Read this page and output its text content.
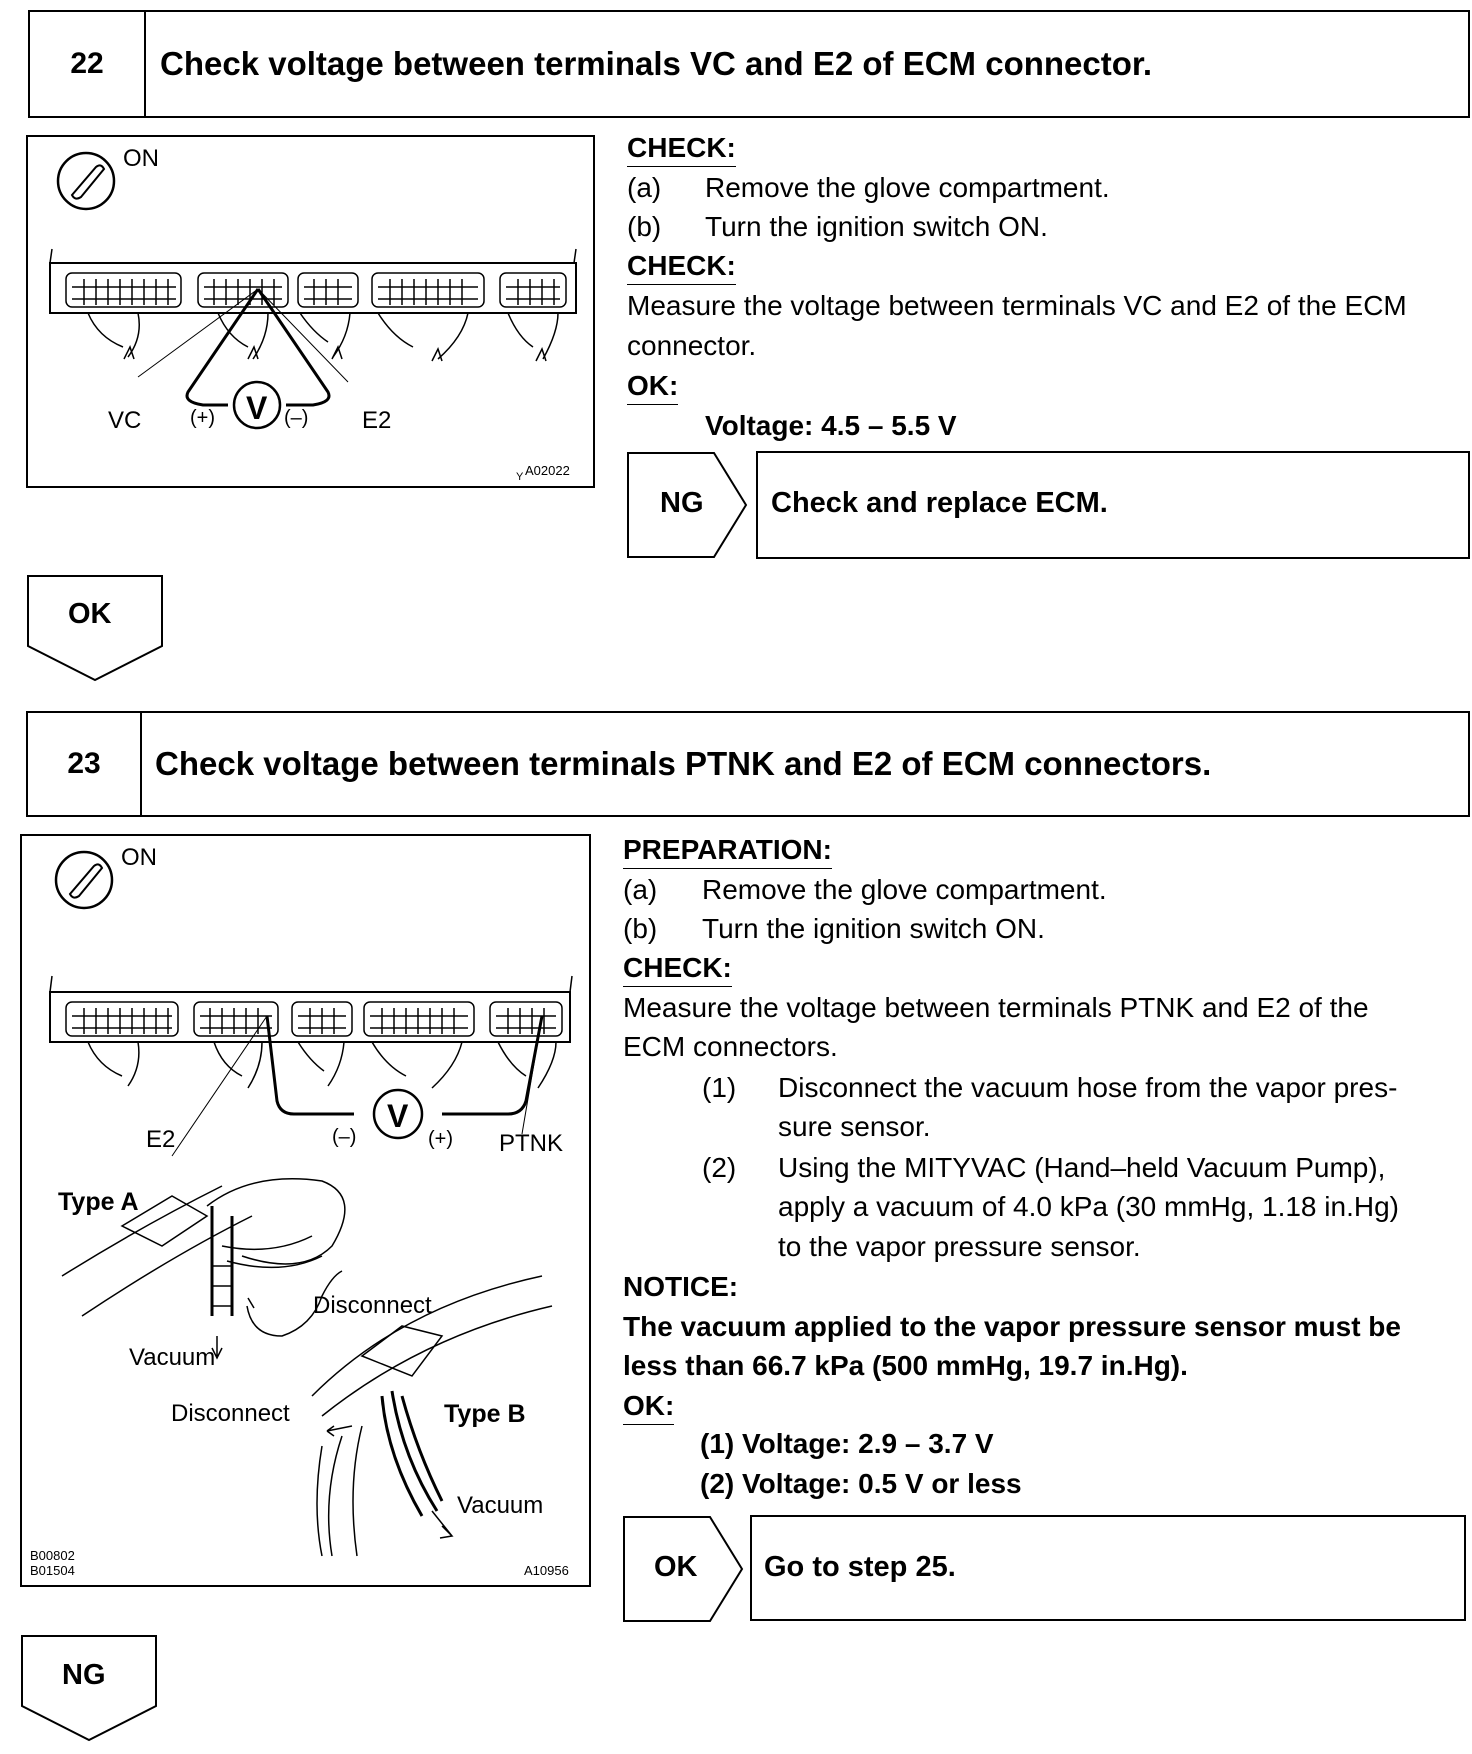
22	Check voltage between terminals VC and E2 of ECM connector.
ON
VC (+) V (–) E2
Y A02022
CHECK:
(a) Remove the glove compartment.
(b) Turn the ignition switch ON.
CHECK:
Measure the voltage between terminals VC and E2 of the ECM
connector.
OK:
Voltage: 4.5 – 5.5 V
NG Check and replace ECM.
OK
23	Check voltage between terminals PTNK and E2 of ECM connectors.
ON
E2	(–)
V
(+) PTNK
Type A
Disconnect
Vacuum
Disconnect	Type B
Vacuum
B00802
B01504	A10956
PREPARATION:
(a) Remove the glove compartment.
(b) Turn the ignition switch ON.
CHECK:
Measure the voltage between terminals PTNK and E2 of the
ECM connectors.
(1) Disconnect the vacuum hose from the vapor pres-
sure sensor.
(2) Using the MITYVAC (Hand–held Vacuum Pump),
apply a vacuum of 4.0 kPa (30 mmHg, 1.18 in.Hg)
to the vapor pressure sensor.
NOTICE:
The vacuum applied to the vapor pressure sensor must be
less than 66.7 kPa (500 mmHg, 19.7 in.Hg).
OK:
(1) Voltage: 2.9 – 3.7 V
(2) Voltage: 0.5 V or less
OK Go to step 25.
NG
